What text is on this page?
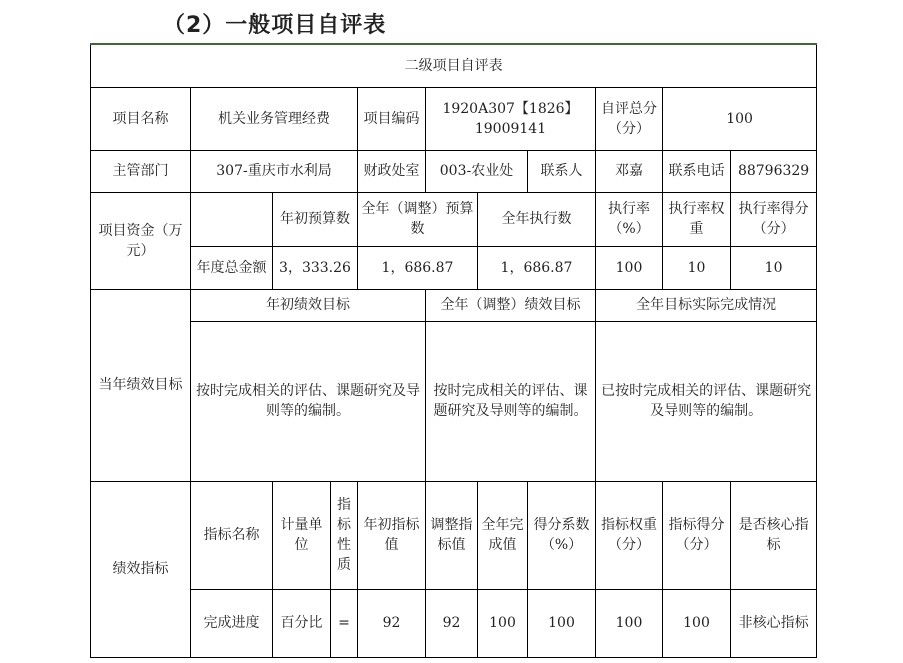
（2）一般项目自评表
二级项目自评表										
项目名称	机关业务管理经费			项目编码	1920A307【1826】19009141			自评总分（分）	100	
主管部门	307-重庆市水利局			财政处室	003-农业处		联系人	邓嘉	联系电话	88796329
项目资金（万元）		年初预算数		全年（调整）预算数		全年执行数		执行率（%）	执行率权重	执行率得分（分）
	年度总金额	3，333.26		1，686.87		1，686.87		100	10	10
当年绩效目标	年初绩效目标				全年（调整）绩效目标			全年目标实际完成情况		
	按时完成相关的评估、课题研究及导则等的编制。				按时完成相关的评估、课题研究及导则等的编制。			已按时完成相关的评估、课题研究及导则等的编制。		
绩效指标	指标名称	计量单位	指标性质	年初指标值	调整指标值	全年完成值	得分系数（%）	指标权重（分）	指标得分（分）	是否核心指标
	完成进度	百分比	=	92	92	100	100	100	100	非核心指标
